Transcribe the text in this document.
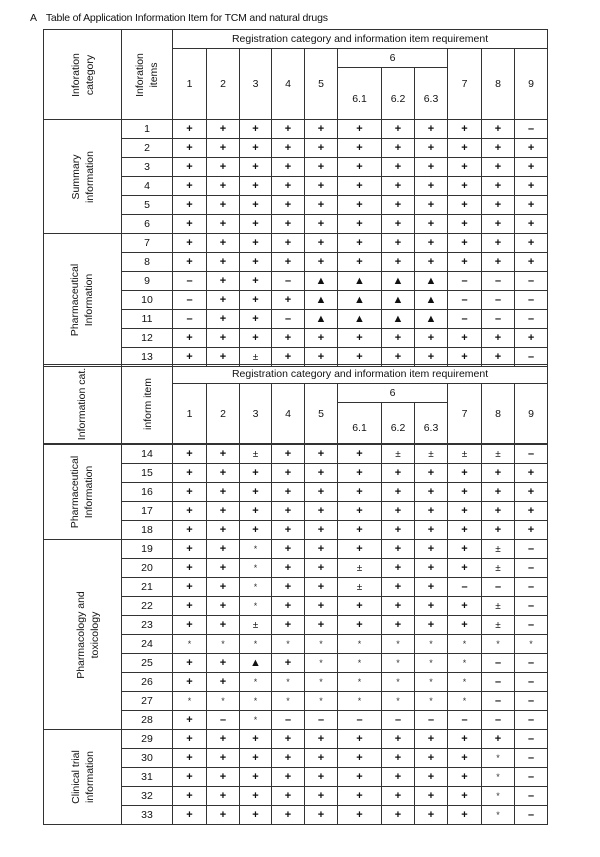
A Table of Application Information Item for TCM and natural drugs
Inforation category	Inforation items	Registration category and information item requirement										
		1	2	3	4	5	6			7	8	9
							6.1	6.2	6.3			
Summary information	1	+	+	+	+	+	+	+	+	+	+	–
	2	+	+	+	+	+	+	+	+	+	+	+
	3	+	+	+	+	+	+	+	+	+	+	+
	4	+	+	+	+	+	+	+	+	+	+	+
	5	+	+	+	+	+	+	+	+	+	+	+
	6	+	+	+	+	+	+	+	+	+	+	+
Pharmaceutical Information	7	+	+	+	+	+	+	+	+	+	+	+
	8	+	+	+	+	+	+	+	+	+	+	+
	9	–	+	+	–	▲	▲	▲	▲	–	–	–
	10	–	+	+	+	▲	▲	▲	▲	–	–	–
	11	–	+	+	–	▲	▲	▲	▲	–	–	–
	12	+	+	+	+	+	+	+	+	+	+	+
	13	+	+	±	+	+	+	+	+	+	+	–
Information cat.	inform item	Registration category and information item requirement										
		1	2	3	4	5	6			7	8	9
							6.1	6.2	6.3			
Pharmaceutical Information	14	+	+	±	+	+	+	±	±	±	±	–
	15	+	+	+	+	+	+	+	+	+	+	+
	16	+	+	+	+	+	+	+	+	+	+	+
	17	+	+	+	+	+	+	+	+	+	+	+
	18	+	+	+	+	+	+	+	+	+	+	+
Pharmacology and toxicology	19	+	+	*	+	+	+	+	+	+	±	–
	20	+	+	*	+	+	±	+	+	+	±	–
	21	+	+	*	+	+	±	+	+	–	–	–
	22	+	+	*	+	+	+	+	+	+	±	–
	23	+	+	±	+	+	+	+	+	+	±	–
	24	*	*	*	*	*	*	*	*	*	*	*
	25	+	+	▲	+	*	*	*	*	*	–	–
	26	+	+	*	*	*	*	*	*	*	–	–
	27	*	*	*	*	*	*	*	*	*	–	–
	28	+	–	*	–	–	–	–	–	–	–	–
Clinical trial information	29	+	+	+	+	+	+	+	+	+	+	–
	30	+	+	+	+	+	+	+	+	+	*	–
	31	+	+	+	+	+	+	+	+	+	*	–
	32	+	+	+	+	+	+	+	+	+	*	–
	33	+	+	+	+	+	+	+	+	+	*	–
